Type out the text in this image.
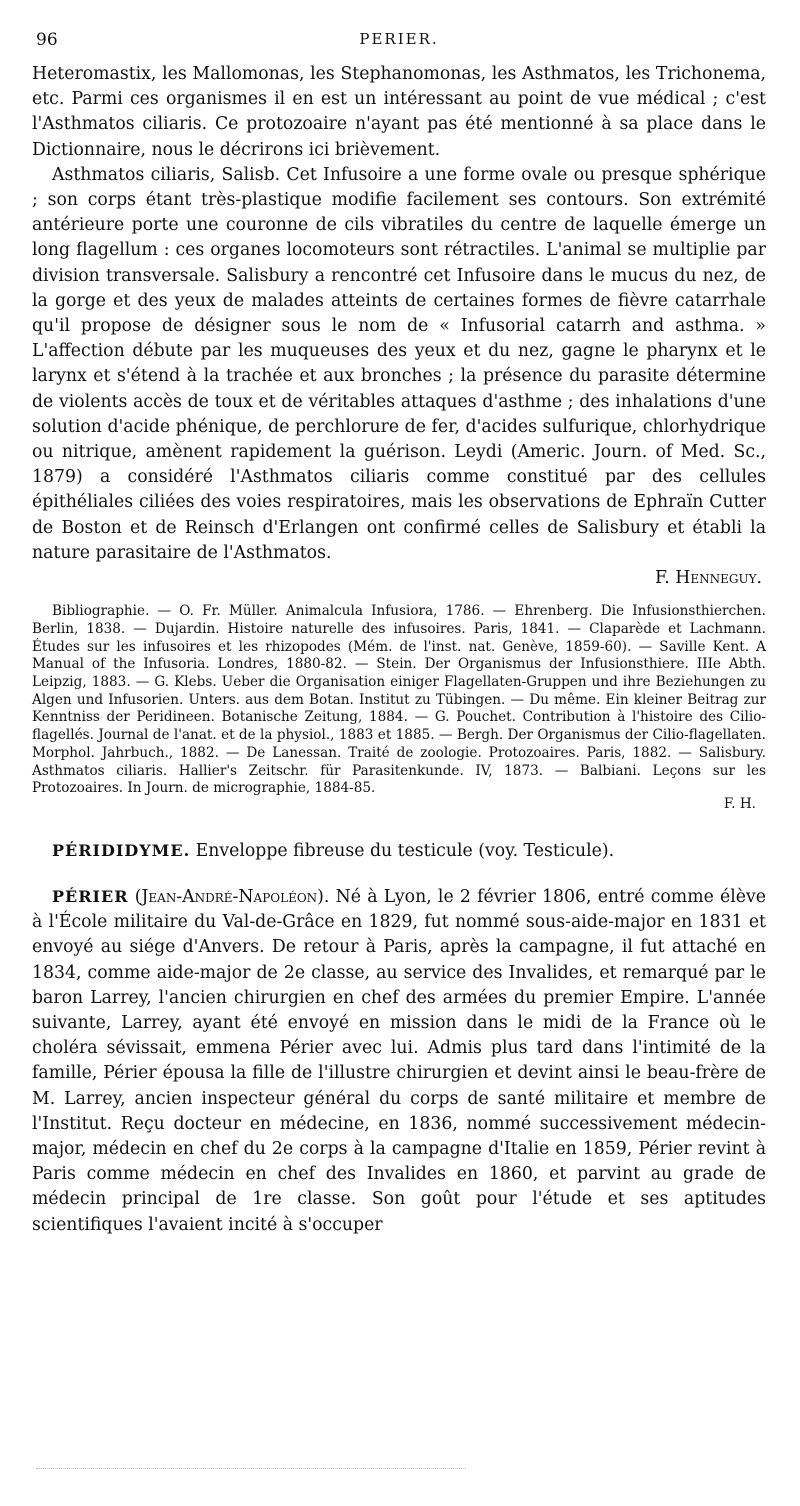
96	PERIER.

Heteromastix, les Mallomonas, les Stephanomonas, les Asthmatos, les Trichonema, etc. Parmi ces organismes il en est un intéressant au point de vue médical ; c'est l'Asthmatos ciliaris. Ce protozoaire n'ayant pas été mentionné à sa place dans le Dictionnaire, nous le décrirons ici brièvement.

Asthmatos ciliaris, Salisb. Cet Infusoire a une forme ovale ou presque sphérique ; son corps étant très-plastique modifie facilement ses contours. Son extrémité antérieure porte une couronne de cils vibratiles du centre de laquelle émerge un long flagellum : ces organes locomoteurs sont rétractiles. L'animal se multiplie par division transversale. Salisbury a rencontré cet Infusoire dans le mucus du nez, de la gorge et des yeux de malades atteints de certaines formes de fièvre catarrhale qu'il propose de désigner sous le nom de « Infusorial catarrh and asthma. » L'affection débute par les muqueuses des yeux et du nez, gagne le pharynx et le larynx et s'étend à la trachée et aux bronches ; la présence du parasite détermine de violents accès de toux et de véritables attaques d'asthme ; des inhalations d'une solution d'acide phénique, de perchlorure de fer, d'acides sulfurique, chlorhydrique ou nitrique, amènent rapidement la guérison. Leydi (Americ. Journ. of Med. Sc., 1879) a considéré l'Asthmatos ciliaris comme constitué par des cellules épithéliales ciliées des voies respiratoires, mais les observations de Ephraïn Cutter de Boston et de Reinsch d'Erlangen ont confirmé celles de Salisbury et établi la nature parasitaire de l'Asthmatos.

F. Henneguy.

Bibliographie. — O. Fr. Müller. Animalcula Infusiora, 1786. — Ehrenberg. Die Infusionsthierchen. Berlin, 1838. — Dujardin. Histoire naturelle des infusoires. Paris, 1841. — Claparède et Lachmann. Études sur les infusoires et les rhizopodes (Mém. de l'inst. nat. Genève, 1859-60). — Saville Kent. A Manual of the Infusoria. Londres, 1880-82. — Stein. Der Organismus der Infusionsthiere. IIIe Abth. Leipzig, 1883. — G. Klebs. Ueber die Organisation einiger Flagellaten-Gruppen und ihre Beziehungen zu Algen und Infusorien. Unters. aus dem Botan. Institut zu Tübingen. — Du même. Ein kleiner Beitrag zur Kenntniss der Peridineen. Botanische Zeitung, 1884. — G. Pouchet. Contribution à l'histoire des Cilio-flagellés. Journal de l'anat. et de la physiol., 1883 et 1885. — Bergh. Der Organismus der Cilio-flagellaten. Morphol. Jahrbuch., 1882. — De Lanessan. Traité de zoologie. Protozoaires. Paris, 1882. — Salisbury. Asthmatos ciliaris. Hallier's Zeitschr. für Parasitenkunde. IV, 1873. — Balbiani. Leçons sur les Protozoaires. In Journ. de micrographie, 1884-85.

F. H.

PÉRIDIDYME. Enveloppe fibreuse du testicule (voy. Testicule).

PÉRIER (Jean-André-Napoléon). Né à Lyon, le 2 février 1806, entré comme élève à l'École militaire du Val-de-Grâce en 1829, fut nommé sous-aide-major en 1831 et envoyé au siége d'Anvers. De retour à Paris, après la campagne, il fut attaché en 1834, comme aide-major de 2e classe, au service des Invalides, et remarqué par le baron Larrey, l'ancien chirurgien en chef des armées du premier Empire. L'année suivante, Larrey, ayant été envoyé en mission dans le midi de la France où le choléra sévissait, emmena Périer avec lui. Admis plus tard dans l'intimité de la famille, Périer épousa la fille de l'illustre chirurgien et devint ainsi le beau-frère de M. Larrey, ancien inspecteur général du corps de santé militaire et membre de l'Institut. Reçu docteur en médecine, en 1836, nommé successivement médecin-major, médecin en chef du 2e corps à la campagne d'Italie en 1859, Périer revint à Paris comme médecin en chef des Invalides en 1860, et parvint au grade de médecin principal de 1re classe. Son goût pour l'étude et ses aptitudes scientifiques l'avaient incité à s'occuper
